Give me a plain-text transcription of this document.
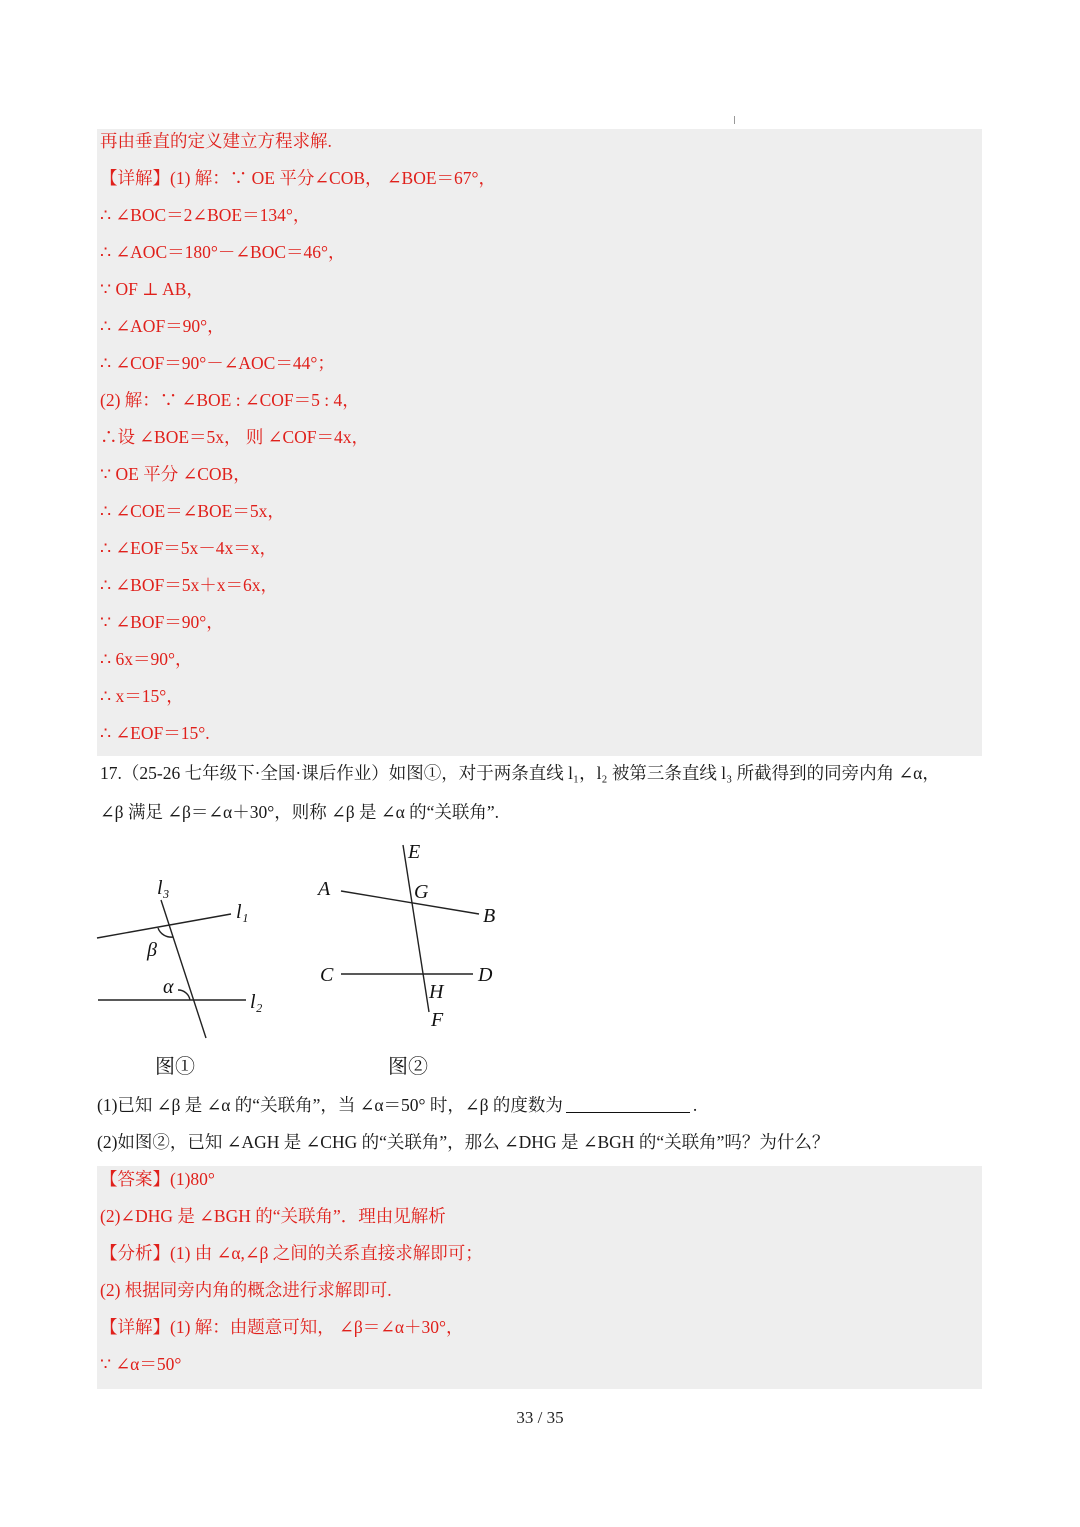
再由垂直的定义建立方程求解.
【详解】(1) 解：∵ OE 平分∠COB， ∠BOE＝67°，
∴ ∠BOC＝2∠BOE＝134°，
∴ ∠AOC＝180°－∠BOC＝46°，
∵ OF ⊥ AB，
∴ ∠AOF＝90°，
∴ ∠COF＝90°－∠AOC＝44°；
(2) 解：∵ ∠BOE : ∠COF＝5 : 4，
∴设 ∠BOE＝5x， 则 ∠COF＝4x，
∵ OE 平分 ∠COB，
∴ ∠COE＝∠BOE＝5x，
∴ ∠EOF＝5x－4x＝x，
∴ ∠BOF＝5x＋x＝6x，
∵ ∠BOF＝90°，
∴ 6x＝90°，
∴ x＝15°，
∴ ∠EOF＝15°.
17.（25-26 七年级下·全国·课后作业）如图①，对于两条直线 l₁，l₂ 被第三条直线 l₃ 所截得到的同旁内角 ∠α，
∠β 满足 ∠β＝∠α＋30°，则称 ∠β 是 ∠α 的“关联角”.
l₃
l₁
l₂
β
α
图①
E
A	G
B
C	D
H
F
图②
(1)已知 ∠β 是 ∠α 的“关联角”，当 ∠α＝50° 时，∠β 的度数为	.
(2)如图②，已知 ∠AGH 是 ∠CHG 的“关联角”，那么 ∠DHG 是 ∠BGH 的“关联角”吗？为什么？
【答案】(1)80°
(2)∠DHG 是 ∠BGH 的“关联角”．理由见解析
【分析】(1) 由 ∠α,∠β 之间的关系直接求解即可；
(2) 根据同旁内角的概念进行求解即可.
【详解】(1) 解：由题意可知， ∠β＝∠α＋30°，
∵ ∠α＝50°
33 / 35
